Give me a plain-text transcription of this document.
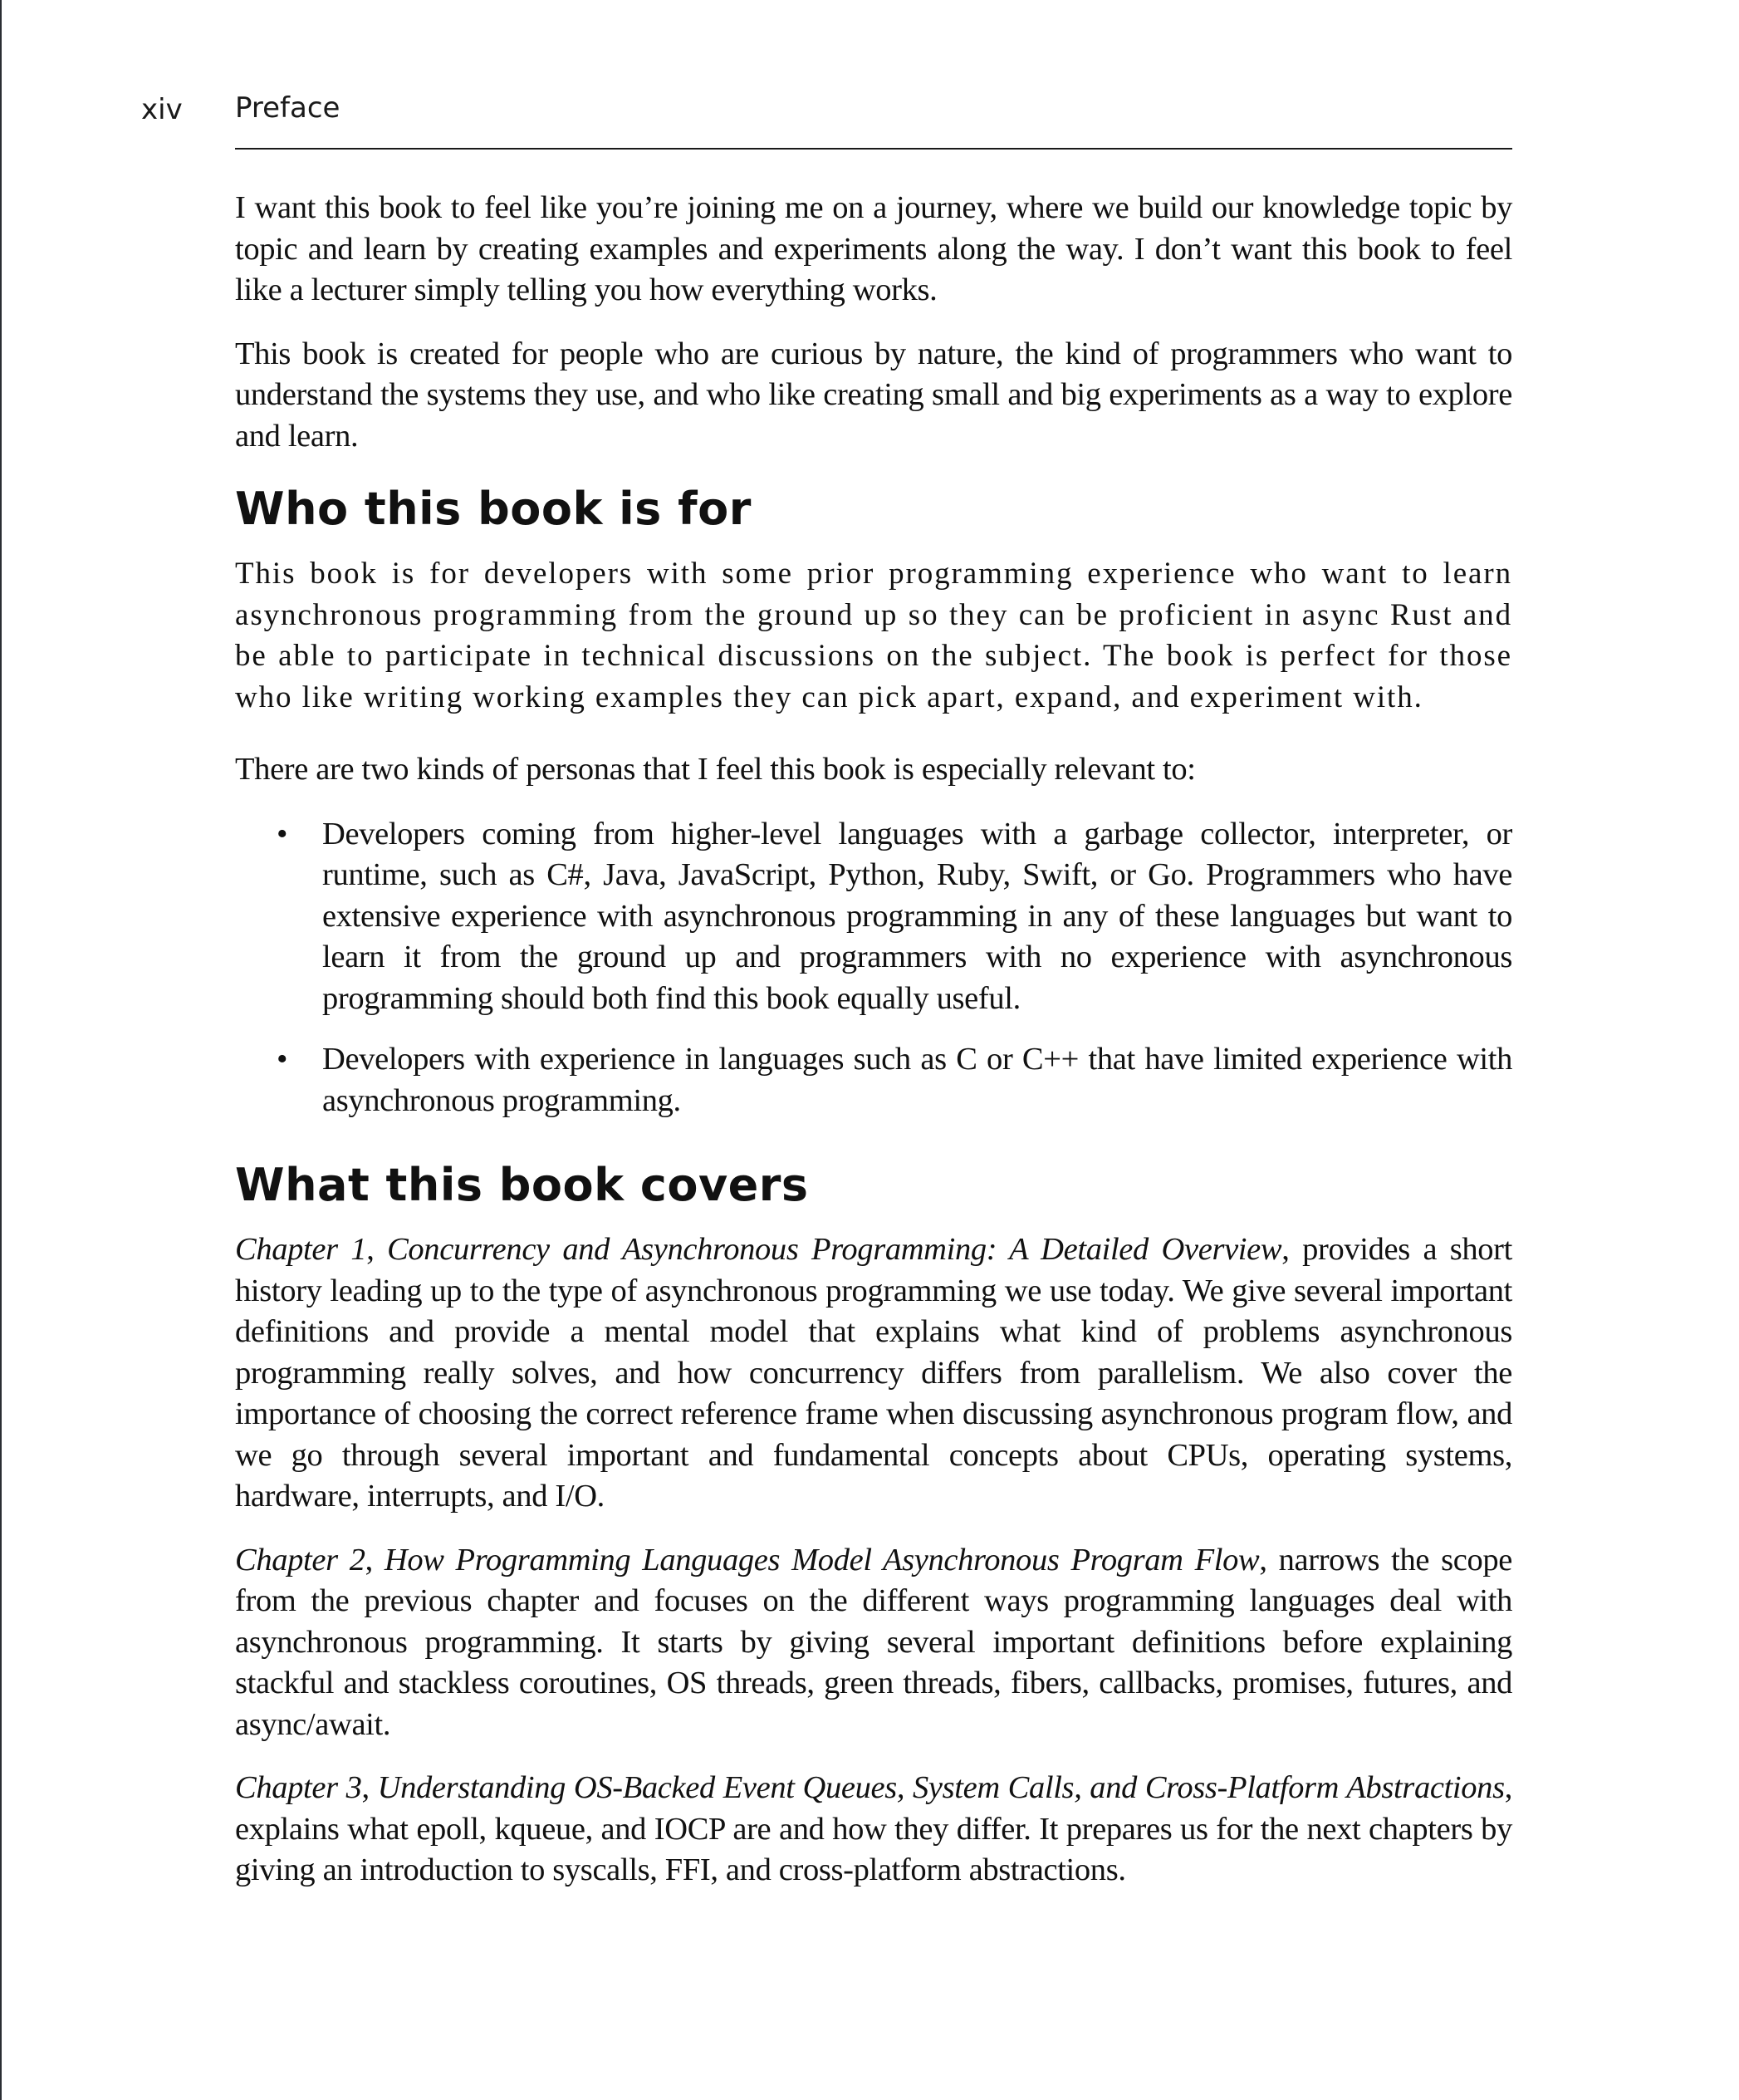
xiv Preface

I want this book to feel like you’re joining me on a journey, where we build our knowledge topic by topic and learn by creating examples and experiments along the way. I don’t want this book to feel like a lecturer simply telling you how everything works.

This book is created for people who are curious by nature, the kind of programmers who want to understand the systems they use, and who like creating small and big experiments as a way to explore and learn.

Who this book is for

This book is for developers with some prior programming experience who want to learn asynchronous programming from the ground up so they can be proficient in async Rust and be able to participate in technical discussions on the subject. The book is perfect for those who like writing working examples they can pick apart, expand, and experiment with.

There are two kinds of personas that I feel this book is especially relevant to:

• Developers coming from higher-level languages with a garbage collector, interpreter, or runtime, such as C#, Java, JavaScript, Python, Ruby, Swift, or Go. Programmers who have extensive experience with asynchronous programming in any of these languages but want to learn it from the ground up and programmers with no experience with asynchronous programming should both find this book equally useful.
• Developers with experience in languages such as C or C++ that have limited experience with asynchronous programming.
What this book covers

Chapter 1, Concurrency and Asynchronous Programming: A Detailed Overview, provides a short history leading up to the type of asynchronous programming we use today. We give several important definitions and provide a mental model that explains what kind of problems asynchronous programming really solves, and how concurrency differs from parallelism. We also cover the importance of choosing the correct reference frame when discussing asynchronous program flow, and we go through several important and fundamental concepts about CPUs, operating systems, hardware, interrupts, and I/O.

Chapter 2, How Programming Languages Model Asynchronous Program Flow, narrows the scope from the previous chapter and focuses on the different ways programming languages deal with asynchronous programming. It starts by giving several important definitions before explaining stackful and stackless coroutines, OS threads, green threads, fibers, callbacks, promises, futures, and async/await.

Chapter 3, Understanding OS-Backed Event Queues, System Calls, and Cross-Platform Abstractions, explains what epoll, kqueue, and IOCP are and how they differ. It prepares us for the next chapters by giving an introduction to syscalls, FFI, and cross-platform abstractions.
